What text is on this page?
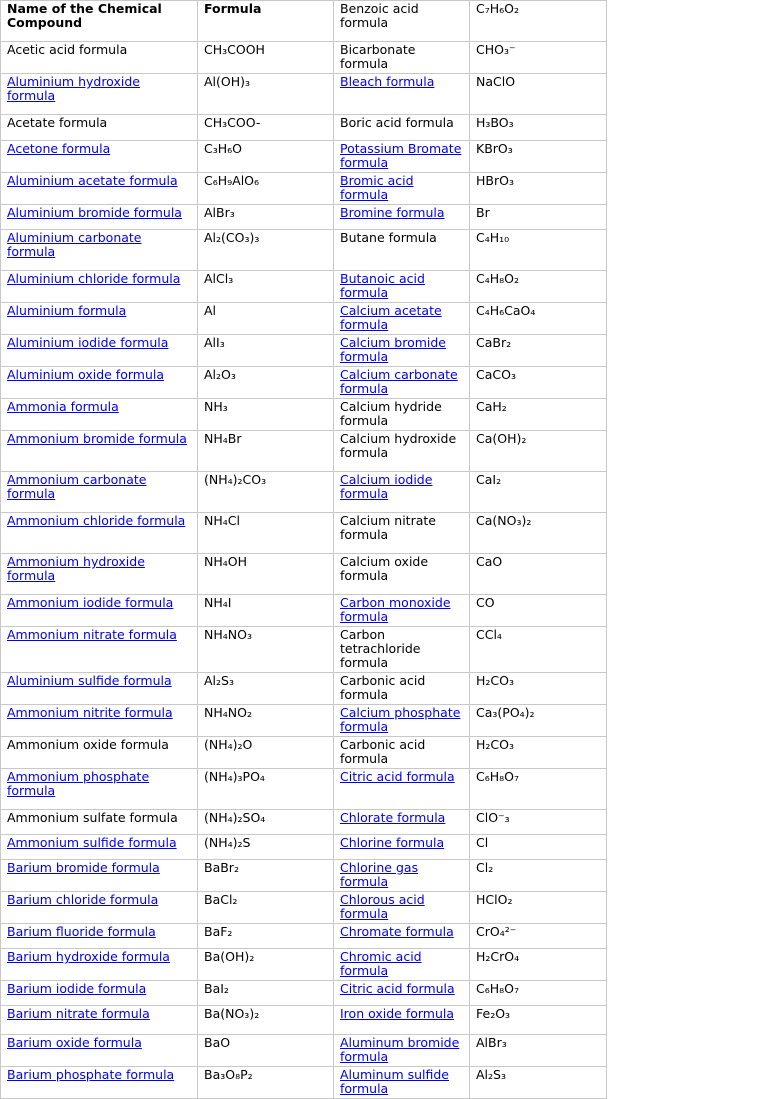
Name of the Chemical Compound	Formula	Benzoic acid formula	C₇H₆O₂
Acetic acid formula	CH₃COOH	Bicarbonate formula	CHO₃⁻
Aluminium hydroxide formula	Al(OH)₃	Bleach formula	NaClO
Acetate formula	CH₃COO-	Boric acid formula	H₃BO₃
Acetone formula	C₃H₆O	Potassium Bromate formula	KBrO₃
Aluminium acetate formula	C₆H₉AlO₆	Bromic acid formula	HBrO₃
Aluminium bromide formula	AlBr₃	Bromine formula	Br
Aluminium carbonate formula	Al₂(CO₃)₃	Butane formula	C₄H₁₀
Aluminium chloride formula	AlCl₃	Butanoic acid formula	C₄H₈O₂
Aluminium formula	Al	Calcium acetate formula	C₄H₆CaO₄
Aluminium iodide formula	AlI₃	Calcium bromide formula	CaBr₂
Aluminium oxide formula	Al₂O₃	Calcium carbonate formula	CaCO₃
Ammonia formula	NH₃	Calcium hydride formula	CaH₂
Ammonium bromide formula	NH₄Br	Calcium hydroxide formula	Ca(OH)₂
Ammonium carbonate formula	(NH₄)₂CO₃	Calcium iodide formula	CaI₂
Ammonium chloride formula	NH₄Cl	Calcium nitrate formula	Ca(NO₃)₂
Ammonium hydroxide formula	NH₄OH	Calcium oxide formula	CaO
Ammonium iodide formula	NH₄I	Carbon monoxide formula	CO
Ammonium nitrate formula	NH₄NO₃	Carbon tetrachloride formula	CCl₄
Aluminium sulfide formula	Al₂S₃	Carbonic acid formula	H₂CO₃
Ammonium nitrite formula	NH₄NO₂	Calcium phosphate formula	Ca₃(PO₄)₂
Ammonium oxide formula	(NH₄)₂O	Carbonic acid formula	H₂CO₃
Ammonium phosphate formula	(NH₄)₃PO₄	Citric acid formula	C₆H₈O₇
Ammonium sulfate formula	(NH₄)₂SO₄	Chlorate formula	ClO⁻₃
Ammonium sulfide formula	(NH₄)₂S	Chlorine formula	Cl
Barium bromide formula	BaBr₂	Chlorine gas formula	Cl₂
Barium chloride formula	BaCl₂	Chlorous acid formula	HClO₂
Barium fluoride formula	BaF₂	Chromate formula	CrO₄²⁻
Barium hydroxide formula	Ba(OH)₂	Chromic acid formula	H₂CrO₄
Barium iodide formula	BaI₂	Citric acid formula	C₆H₈O₇
Barium nitrate formula	Ba(NO₃)₂	Iron oxide formula	Fe₂O₃
Barium oxide formula	BaO	Aluminum bromide formula	AlBr₃
Barium phosphate formula	Ba₃O₈P₂	Aluminum sulfide formula	Al₂S₃
